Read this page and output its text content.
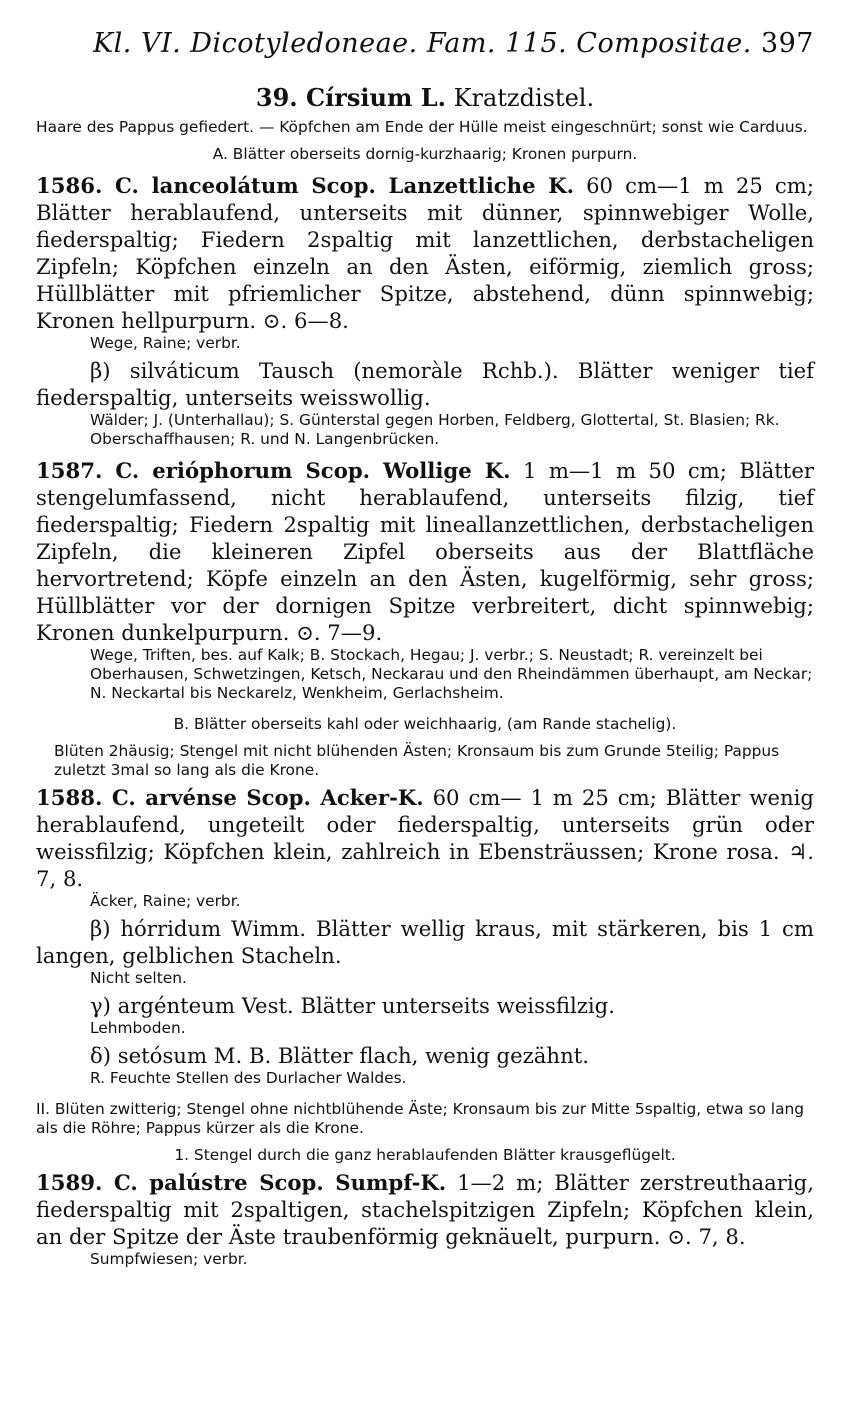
Kl. VI. Dicotyledoneae. Fam. 115. Compositae. 397
39. Círsium L. Kratzdistel.

Haare des Pappus gefiedert. — Köpfchen am Ende der Hülle meist eingeschnürt; sonst wie Carduus.

A. Blätter oberseits dornig-kurzhaarig; Kronen purpurn.

1586. C. lanceolátum Scop. Lanzettliche K. 60 cm—1 m 25 cm; Blätter herablaufend, unterseits mit dünner, spinnwebiger Wolle, fiederspaltig; Fiedern 2spaltig mit lanzettlichen, derbstacheligen Zipfeln; Köpfchen einzeln an den Ästen, eiförmig, ziemlich gross; Hüllblätter mit pfriemlicher Spitze, abstehend, dünn spinnwebig; Kronen hellpurpurn. ⊙. 6—8.

Wege, Raine; verbr.

β) silváticum Tausch (nemoràle Rchb.). Blätter weniger tief fiederspaltig, unterseits weisswollig.

Wälder; J. (Unterhallau); S. Günterstal gegen Horben, Feldberg, Glottertal, St. Blasien; Rk. Oberschaffhausen; R. und N. Langenbrücken.

1587. C. erióphorum Scop. Wollige K. 1 m—1 m 50 cm; Blätter stengelumfassend, nicht herablaufend, unterseits filzig, tief fiederspaltig; Fiedern 2spaltig mit lineallanzettlichen, derbstacheligen Zipfeln, die kleineren Zipfel oberseits aus der Blattfläche hervortretend; Köpfe einzeln an den Ästen, kugelförmig, sehr gross; Hüllblätter vor der dornigen Spitze verbreitert, dicht spinnwebig; Kronen dunkelpurpurn. ⊙. 7—9.

Wege, Triften, bes. auf Kalk; B. Stockach, Hegau; J. verbr.; S. Neustadt; R. vereinzelt bei Oberhausen, Schwetzingen, Ketsch, Neckarau und den Rheindämmen überhaupt, am Neckar; N. Neckartal bis Neckarelz, Wenkheim, Gerlachsheim.

B. Blätter oberseits kahl oder weichhaarig, (am Rande stachelig).

Blüten 2häusig; Stengel mit nicht blühenden Ästen; Kronsaum bis zum Grunde 5teilig; Pappus zuletzt 3mal so lang als die Krone.

1588. C. arvénse Scop. Acker-K. 60 cm— 1 m 25 cm; Blätter wenig herablaufend, ungeteilt oder fiederspaltig, unterseits grün oder weissfilzig; Köpfchen klein, zahlreich in Ebensträussen; Krone rosa. ♃. 7, 8.

Äcker, Raine; verbr.

β) hórridum Wimm. Blätter wellig kraus, mit stärkeren, bis 1 cm langen, gelblichen Stacheln.

Nicht selten.

γ) argénteum Vest. Blätter unterseits weissfilzig.

Lehmboden.

δ) setósum M. B. Blätter flach, wenig gezähnt.

R. Feuchte Stellen des Durlacher Waldes.

II. Blüten zwitterig; Stengel ohne nichtblühende Äste; Kronsaum bis zur Mitte 5spaltig, etwa so lang als die Röhre; Pappus kürzer als die Krone.

1. Stengel durch die ganz herablaufenden Blätter krausgeflügelt.

1589. C. palústre Scop. Sumpf-K. 1—2 m; Blätter zerstreuthaarig, fiederspaltig mit 2spaltigen, stachelspitzigen Zipfeln; Köpfchen klein, an der Spitze der Äste traubenförmig geknäuelt, purpurn. ⊙. 7, 8.

Sumpfwiesen; verbr.
